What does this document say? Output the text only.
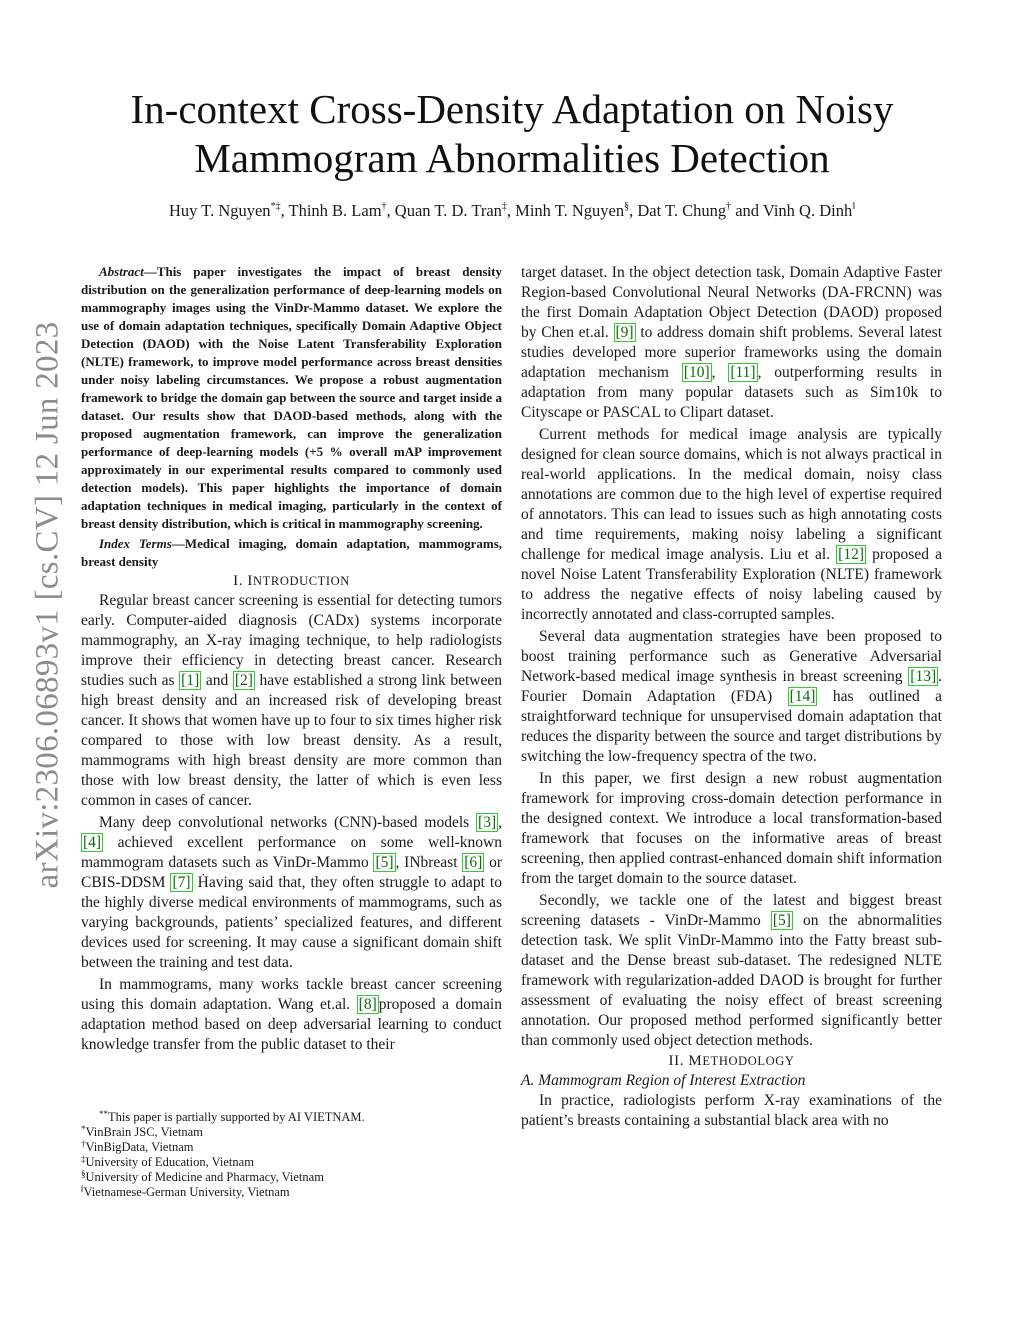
arXiv:2306.06893v1 [cs.CV] 12 Jun 2023
In-context Cross-Density Adaptation on Noisy
Mammogram Abnormalities Detection
Huy T. Nguyen*‡, Thinh B. Lam†, Quan T. D. Tran‡, Minh T. Nguyen§, Dat T. Chung† and Vinh Q. Dinh‖

Abstract—This paper investigates the impact of breast density distribution on the generalization performance of deep-learning models on mammography images using the VinDr-Mammo dataset. We explore the use of domain adaptation techniques, specifically Domain Adaptive Object Detection (DAOD) with the Noise Latent Transferability Exploration (NLTE) framework, to improve model performance across breast densities under noisy labeling circumstances. We propose a robust augmentation framework to bridge the domain gap between the source and target inside a dataset. Our results show that DAOD-based methods, along with the proposed augmentation framework, can improve the generalization performance of deep-learning models (+5 % overall mAP improvement approximately in our experimental results compared to commonly used detection models). This paper highlights the importance of domain adaptation techniques in medical imaging, particularly in the context of breast density distribution, which is critical in mammography screening.

Index Terms—Medical imaging, domain adaptation, mammograms, breast density

I. INTRODUCTION

Regular breast cancer screening is essential for detecting tumors early. Computer-aided diagnosis (CADx) systems incorporate mammography, an X-ray imaging technique, to help radiologists improve their efficiency in detecting breast cancer. Research studies such as [1] and [2] have established a strong link between high breast density and an increased risk of developing breast cancer. It shows that women have up to four to six times higher risk compared to those with low breast density. As a result, mammograms with high breast density are more common than those with low breast density, the latter of which is even less common in cases of cancer.

Many deep convolutional networks (CNN)-based models [3] , [4] achieved excellent performance on some well-known mammogram datasets such as VinDr-Mammo [5] , INbreast [6] or CBIS-DDSM [7] Ḣaving said that, they often struggle to adapt to the highly diverse medical environments of mammograms, such as varying backgrounds, patients’ specialized features, and different devices used for screening. It may cause a significant domain shift between the training and test data.

In mammograms, many works tackle breast cancer screening using this domain adaptation. Wang et.al. [8] proposed a domain adaptation method based on deep adversarial learning to conduct knowledge transfer from the public dataset to their

**This paper is partially supported by AI VIETNAM.

*VinBrain JSC, Vietnam

†VinBigData, Vietnam

‡University of Education, Vietnam

§University of Medicine and Pharmacy, Vietnam

‖Vietnamese-German University, Vietnam

target dataset. In the object detection task, Domain Adaptive Faster Region-based Convolutional Neural Networks (DA-FRCNN) was the first Domain Adaptation Object Detection (DAOD) proposed by Chen et.al. [9] to address domain shift problems. Several latest studies developed more superior frameworks using the domain adaptation mechanism [10] , [11] , outperforming results in adaptation from many popular datasets such as Sim10k to Cityscape or PASCAL to Clipart dataset.

Current methods for medical image analysis are typically designed for clean source domains, which is not always practical in real-world applications. In the medical domain, noisy class annotations are common due to the high level of expertise required of annotators. This can lead to issues such as high annotating costs and time requirements, making noisy labeling a significant challenge for medical image analysis. Liu et al. [12] proposed a novel Noise Latent Transferability Exploration (NLTE) framework to address the negative effects of noisy labeling caused by incorrectly annotated and class-corrupted samples.

Several data augmentation strategies have been proposed to boost training performance such as Generative Adversarial Network-based medical image synthesis in breast screening [13] . Fourier Domain Adaptation (FDA) [14] has outlined a straightforward technique for unsupervised domain adaptation that reduces the disparity between the source and target distributions by switching the low-frequency spectra of the two.

In this paper, we first design a new robust augmentation framework for improving cross-domain detection performance in the designed context. We introduce a local transformation-based framework that focuses on the informative areas of breast screening, then applied contrast-enhanced domain shift information from the target domain to the source dataset.

Secondly, we tackle one of the latest and biggest breast screening datasets - VinDr-Mammo [5] on the abnormalities detection task. We split VinDr-Mammo into the Fatty breast sub-dataset and the Dense breast sub-dataset. The redesigned NLTE framework with regularization-added DAOD is brought for further assessment of evaluating the noisy effect of breast screening annotation. Our proposed method performed significantly better than commonly used object detection methods.

II. METHODOLOGY

A. Mammogram Region of Interest Extraction

In practice, radiologists perform X-ray examinations of the patient’s breasts containing a substantial black area with no
